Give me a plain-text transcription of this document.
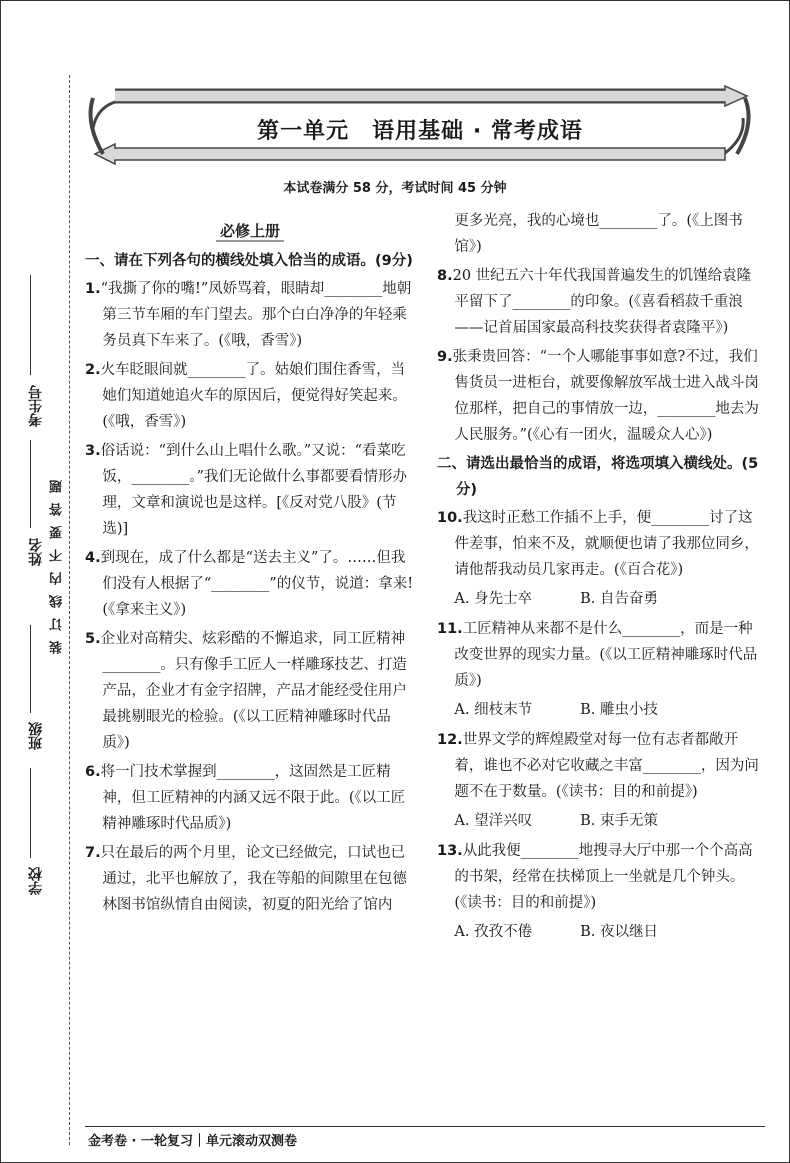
考生号
姓名
班级
学校
装订线内不要答题
第一单元　语用基础 · 常考成语
本试卷满分 58 分，考试时间 45 分钟
必修上册
一、请在下列各句的横线处填入恰当的成语。(9分)
1.“我撕了你的嘴!”凤娇骂着，眼睛却________地朝第三节车厢的车门望去。那个白白净净的年轻乘务员真下车来了。(《哦，香雪》)
2.火车眨眼间就________了。姑娘们围住香雪，当她们知道她追火车的原因后，便觉得好笑起来。(《哦，香雪》)
3.俗话说：“到什么山上唱什么歌。”又说：“看菜吃饭，________。”我们无论做什么事都要看情形办理，文章和演说也是这样。[《反对党八股》(节选)]
4.到现在，成了什么都是“送去主义”了。……但我们没有人根据了“________”的仪节，说道：拿来!(《拿来主义》)
5.企业对高精尖、炫彩酷的不懈追求，同工匠精神________。只有像手工匠人一样雕琢技艺、打造产品，企业才有金字招牌，产品才能经受住用户最挑剔眼光的检验。(《以工匠精神雕琢时代品质》)
6.将一门技术掌握到________，这固然是工匠精神，但工匠精神的内涵又远不限于此。(《以工匠精神雕琢时代品质》)
7.只在最后的两个月里，论文已经做完，口试也已通过，北平也解放了，我在等船的间隙里在包德林图书馆纵情自由阅读，初夏的阳光给了馆内
更多光亮，我的心境也________了。(《上图书馆》)
8.20 世纪五六十年代我国普遍发生的饥馑给袁隆平留下了________的印象。(《喜看稻菽千重浪——记首届国家最高科技奖获得者袁隆平》)
9.张秉贵回答：“一个人哪能事事如意?不过，我们售货员一进柜台，就要像解放军战士进入战斗岗位那样，把自己的事情放一边，________地去为人民服务。”(《心有一团火，温暖众人心》)
二、请选出最恰当的成语，将选项填入横线处。(5分)
10.我这时正愁工作插不上手，便________讨了这件差事，怕来不及，就顺便也请了我那位同乡，请他帮我动员几家再走。(《百合花》)
A. 身先士卒	B. 自告奋勇
11.工匠精神从来都不是什么________，而是一种改变世界的现实力量。(《以工匠精神雕琢时代品质》)
A. 细枝末节	B. 雕虫小技
12.世界文学的辉煌殿堂对每一位有志者都敞开着，谁也不必对它收藏之丰富________，因为问题不在于数量。(《读书：目的和前提》)
A. 望洋兴叹	B. 束手无策
13.从此我便________地搜寻大厅中那一个个高高的书架，经常在扶梯顶上一坐就是几个钟头。(《读书：目的和前提》)
A. 孜孜不倦	B. 夜以继日
金考卷 · 一轮复习｜单元滚动双测卷
